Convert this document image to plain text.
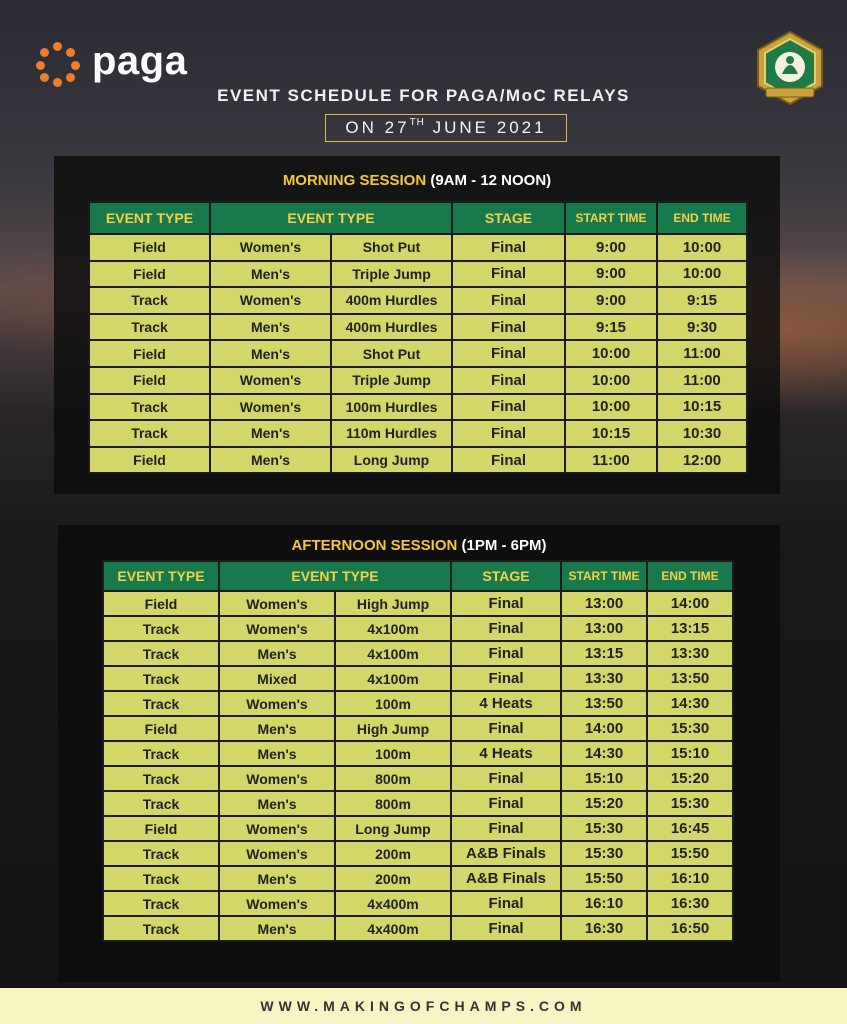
paga
EVENT SCHEDULE FOR PAGA/MoC RELAYS
ON 27TH JUNE 2021
MORNING SESSION (9AM - 12 NOON)
EVENT TYPE	EVENT TYPE		STAGE	START TIME	END TIME
Field	Women's	Shot Put	Final	9:00	10:00
Field	Men's	Triple Jump	Final	9:00	10:00
Track	Women's	400m Hurdles	Final	9:00	9:15
Track	Men's	400m Hurdles	Final	9:15	9:30
Field	Men's	Shot Put	Final	10:00	11:00
Field	Women's	Triple Jump	Final	10:00	11:00
Track	Women's	100m Hurdles	Final	10:00	10:15
Track	Men's	110m Hurdles	Final	10:15	10:30
Field	Men's	Long Jump	Final	11:00	12:00
AFTERNOON SESSION (1PM - 6PM)
EVENT TYPE	EVENT TYPE		STAGE	START TIME	END TIME
Field	Women's	High Jump	Final	13:00	14:00
Track	Women's	4x100m	Final	13:00	13:15
Track	Men's	4x100m	Final	13:15	13:30
Track	Mixed	4x100m	Final	13:30	13:50
Track	Women's	100m	4 Heats	13:50	14:30
Field	Men's	High Jump	Final	14:00	15:30
Track	Men's	100m	4 Heats	14:30	15:10
Track	Women's	800m	Final	15:10	15:20
Track	Men's	800m	Final	15:20	15:30
Field	Women's	Long Jump	Final	15:30	16:45
Track	Women's	200m	A&B Finals	15:30	15:50
Track	Men's	200m	A&B Finals	15:50	16:10
Track	Women's	4x400m	Final	16:10	16:30
Track	Men's	4x400m	Final	16:30	16:50
WWW.MAKINGOFCHAMPS.COM
